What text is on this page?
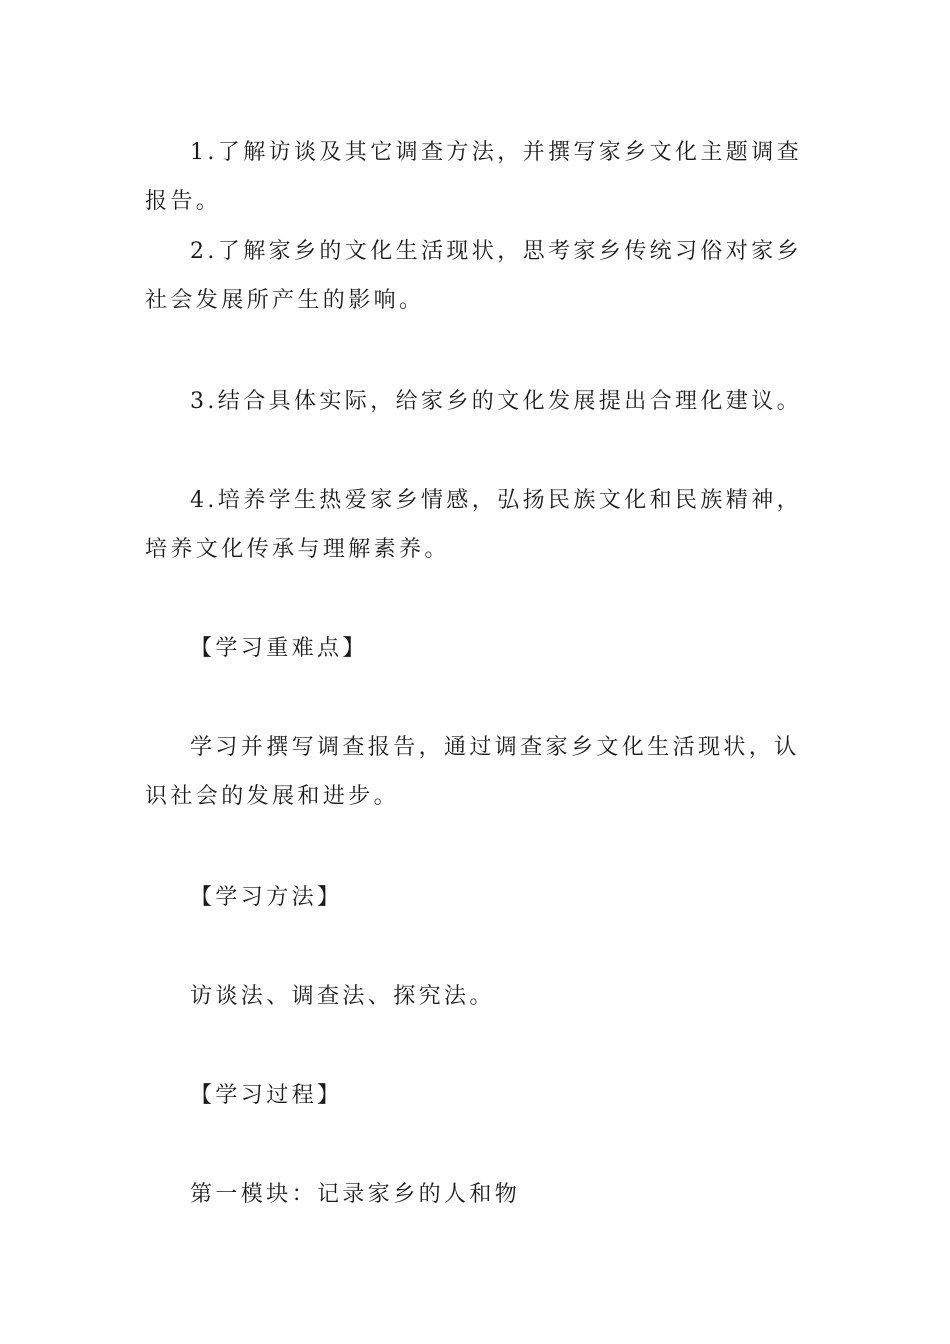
1.了解访谈及其它调查方法，并撰写家乡文化主题调查报告。

2.了解家乡的文化生活现状，思考家乡传统习俗对家乡社会发展所产生的影响。

3.结合具体实际，给家乡的文化发展提出合理化建议。

4.培养学生热爱家乡情感，弘扬民族文化和民族精神，培养文化传承与理解素养。

【学习重难点】

学习并撰写调查报告，通过调查家乡文化生活现状，认识社会的发展和进步。

【学习方法】

访谈法、调查法、探究法。

【学习过程】

第一模块：记录家乡的人和物
